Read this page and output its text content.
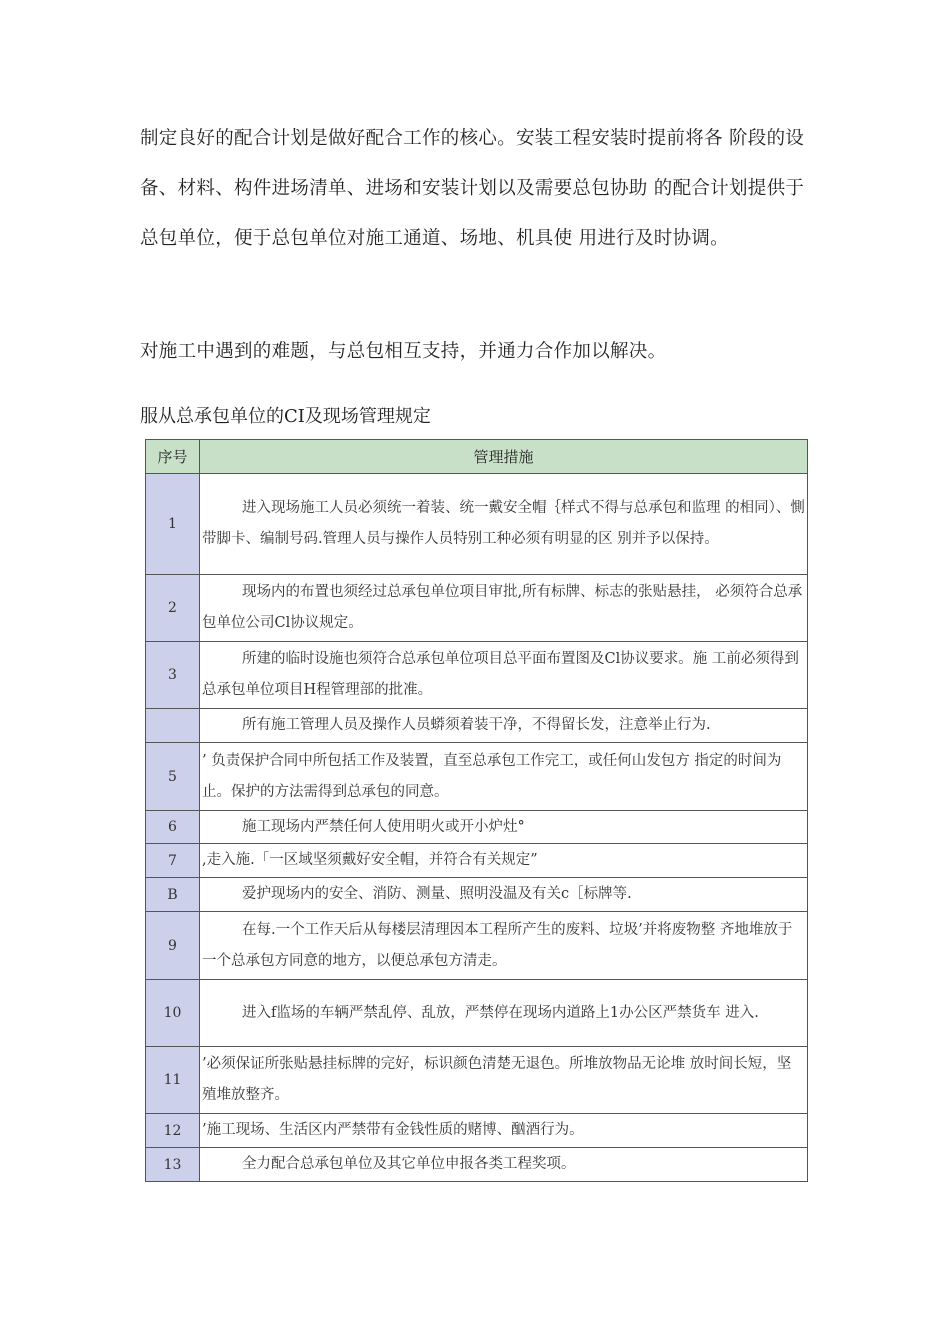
制定良好的配合计划是做好配合工作的核心。安装工程安装时提前将各 阶段的设备、材料、构件进场清单、进场和安装计划以及需要总包协助 的配合计划提供于总包单位，便于总包单位对施工通道、场地、机具使 用进行及时协调。

对施工中遇到的难题，与总包相互支持，并通力合作加以解决。

服从总承包单位的CI及现场管理规定

序号	管理措施
1	进入现场施工人员必须统一着装、统一戴安全帽｛样式不得与总承包和监理 的相同）、惻带脚卡、编制号码.管理人员与操作人员特别工种必须有明显的区 别并予以保持。
2	现场内的布置也须经过总承包单位项目审批,所有标牌、标志的张贴悬挂， 必须符合总承包单位公司Cl协议规定。
3	所建的临时设施也须符合总承包单位项目总平面布置图及Cl协议要求。施 工前必须得到总承包单位项目H程管理部的批准。
	所有施工管理人员及操作人员蟒须着装干净，不得留长发，注意举止行为.
5	’ 负责保护合同中所包括工作及装置，直至总承包工作完工，或任何山发包方 指定的时间为止。保护的方法需得到总承包的同意。
6	施工现场内严禁任何人使用明火或开小炉灶°
7	,走入施.「一区域坚须戴好安全帽，并符合有关规定”
B	爱护现场内的安全、消防、测量、照明没温及有关c［标牌等.
9	在每.一个工作天后从每楼层清理因本工程所产生的废料、垃圾’并将废物整 齐地堆放于一个总承包方同意的地方，以便总承包方清走。
10	进入f监场的车辆严禁乱停、乱放，严禁停在现场内道路上1办公区严禁货车 进入.
11	’必须保证所张贴悬挂标牌的完好，标识颜色清楚无退色。所堆放物品无论堆 放时间长短，坚殖堆放整齐。
12	’施工现场、生活区内严禁带有金钱性质的赌博、酗酒行为。
13	全力配合总承包单位及其它单位申报各类工程奖项。
